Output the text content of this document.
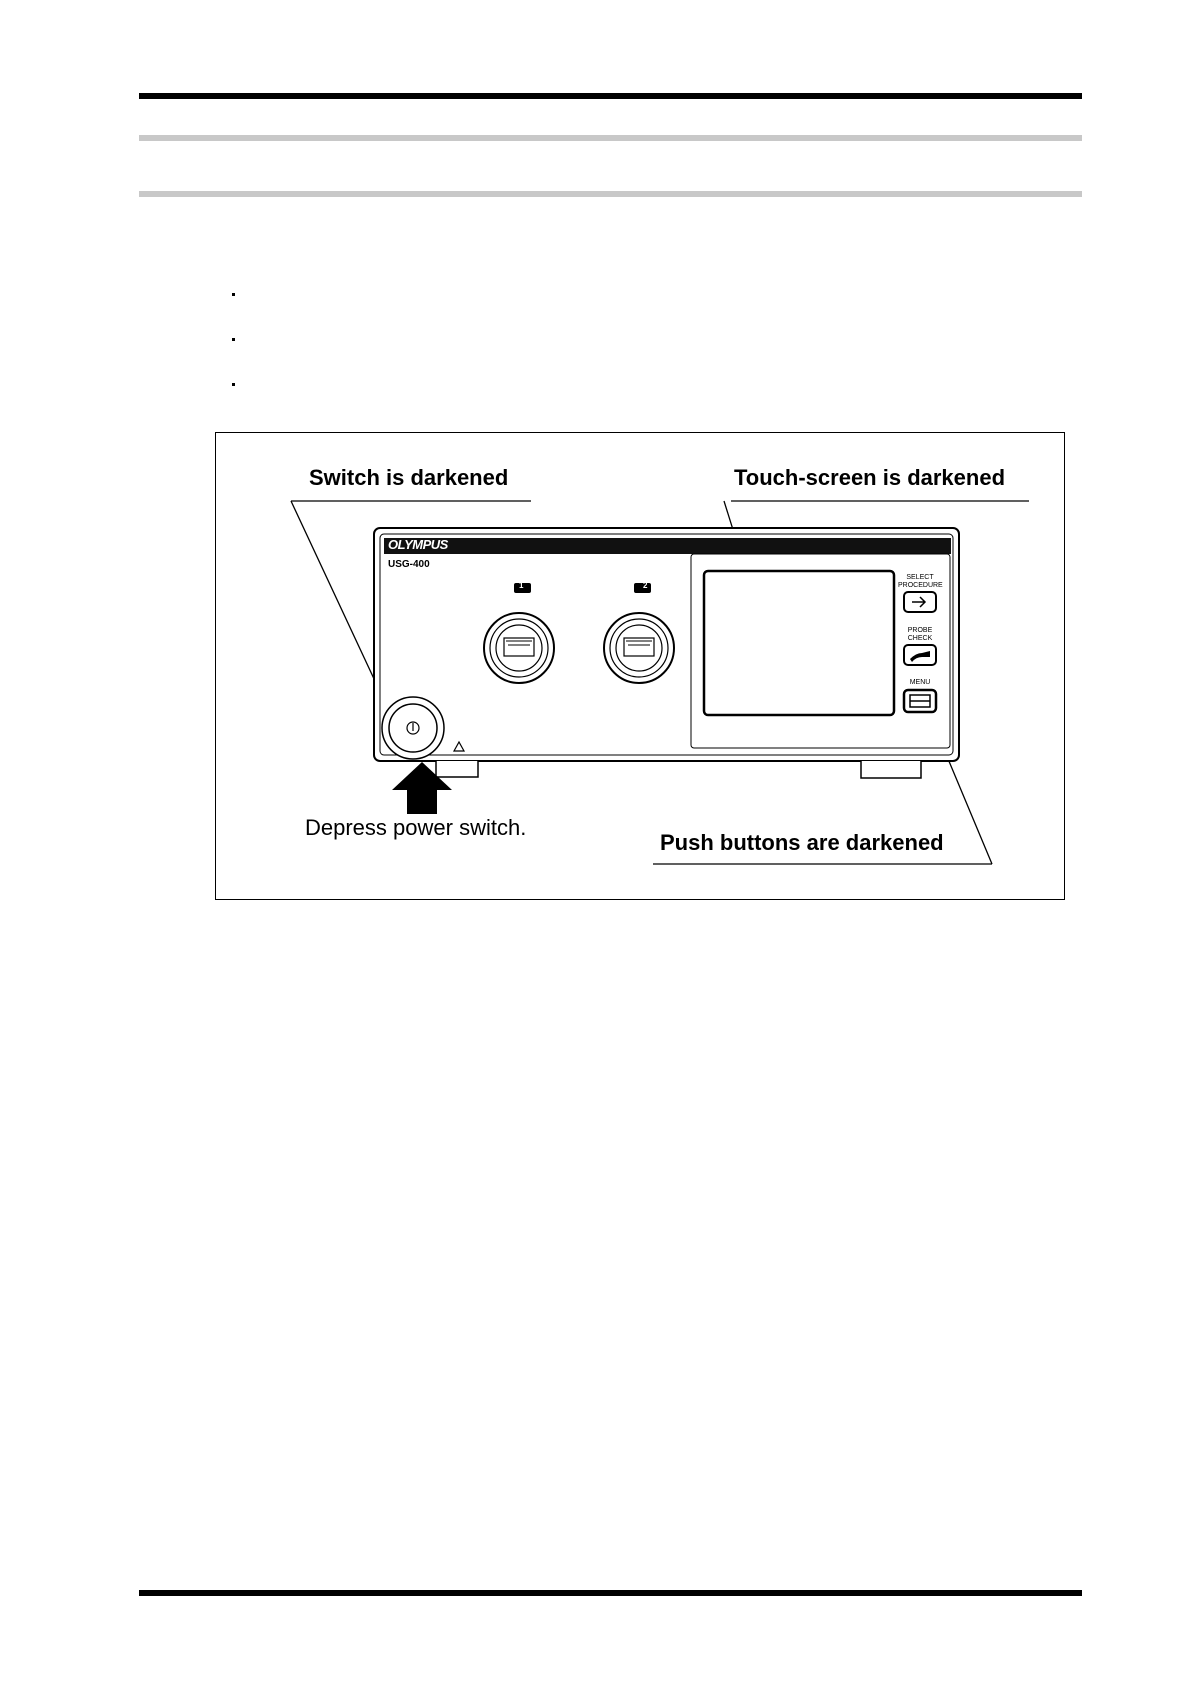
Switch is darkened	Touch-screen is darkened
Push buttons are darkened
Depress power switch.
OLYMPUS
USG-400
1	2
SELECT PROCEDURE
PROBE CHECK
MENU
